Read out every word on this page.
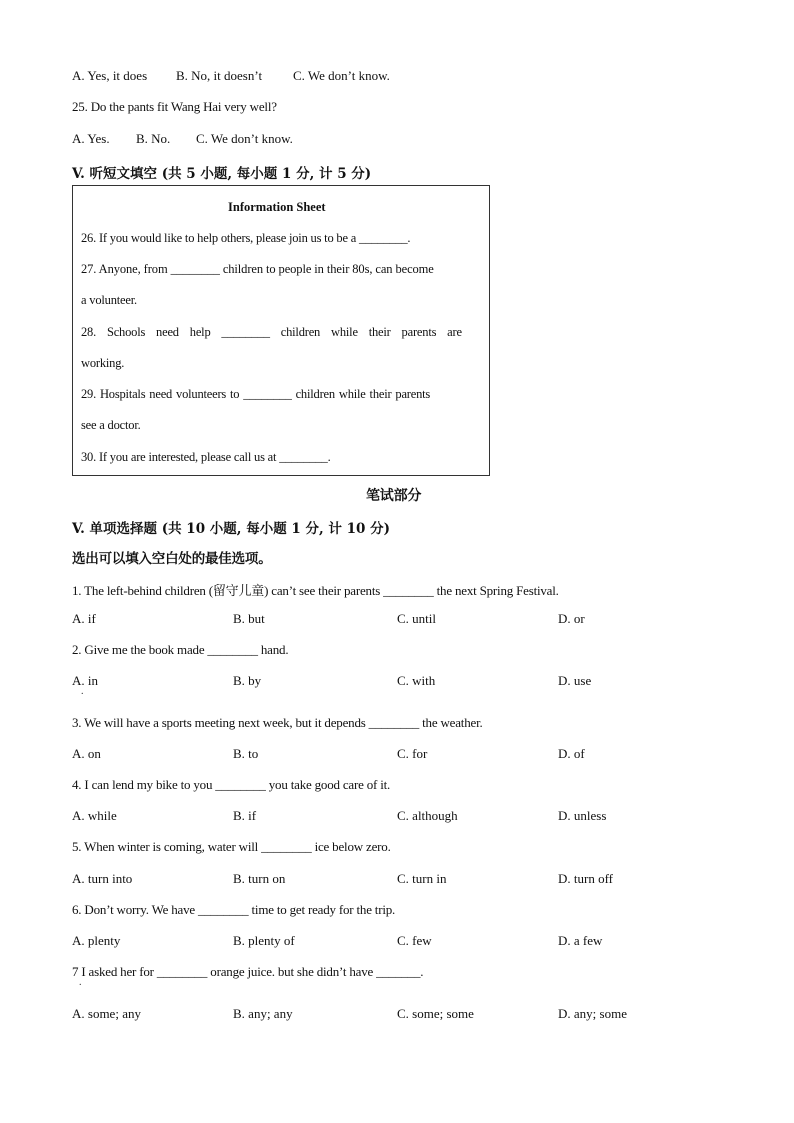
A. Yes, it does B. No, it doesn’t C. We don’t know.
25. Do the pants fit Wang Hai very well?
A. Yes. B. No. C. We don’t know.
V. 听短文填空 (共 5 小题, 每小题 1 分, 计 5 分)
Information Sheet
26. If you would like to help others, please join us to be a ________.
27. Anyone, from ________ children to people in their 80s, can become
a volunteer.
28. Schools need help ________ children while their parents are
working.
29. Hospitals need volunteers to ________ children while their parents
see a doctor.
30. If you are interested, please call us at ________.
笔试部分
V. 单项选择题 (共 10 小题, 每小题 1 分, 计 10 分)
选出可以填入空白处的最佳选项。
1. The left-behind children (留守儿童) can’t see their parents ________ the next Spring Festival.
A. if	B. but	C. until	D. or
2. Give me the book made ________ hand.
A. in	B. by	C. with	D. use
.
3. We will have a sports meeting next week, but it depends ________ the weather.
A. on	B. to	C. for	D. of
4. I can lend my bike to you ________ you take good care of it.
A. while	B. if	C. although	D. unless
5. When winter is coming, water will ________ ice below zero.
A. turn into	B. turn on	C. turn in	D. turn off
6. Don’t worry. We have ________ time to get ready for the trip.
A. plenty	B. plenty of	C. few	D. a few
7 I asked her for ________ orange juice. but she didn’t have _______.
.
A. some; any	B. any; any	C. some; some	D. any; some
